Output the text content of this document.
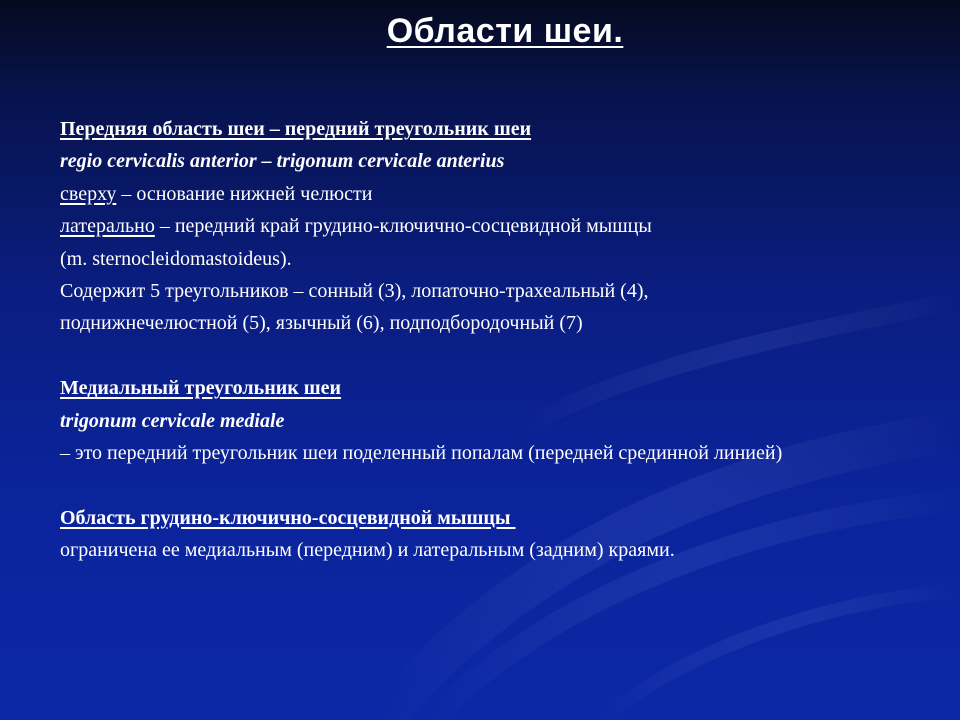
Области шеи.
Передняя область шеи – передний треугольник шеи
regio cervicalis anterior – trigonum cervicale anterius
сверху – основание нижней челюсти
латерально – передний край грудино-ключично-сосцевидной мышцы
(m. sternocleidomastoideus).
Содержит 5 треугольников – сонный (3), лопаточно-трахеальный (4),
поднижнечелюстной (5), язычный (6), подподбородочный (7)
Медиальный треугольник шеи
trigonum cervicale mediale
– это передний треугольник шеи поделенный попалам (передней срединной линией)
Область грудино-ключично-сосцевидной мышцы
ограничена ее медиальным (передним) и латеральным (задним) краями.
